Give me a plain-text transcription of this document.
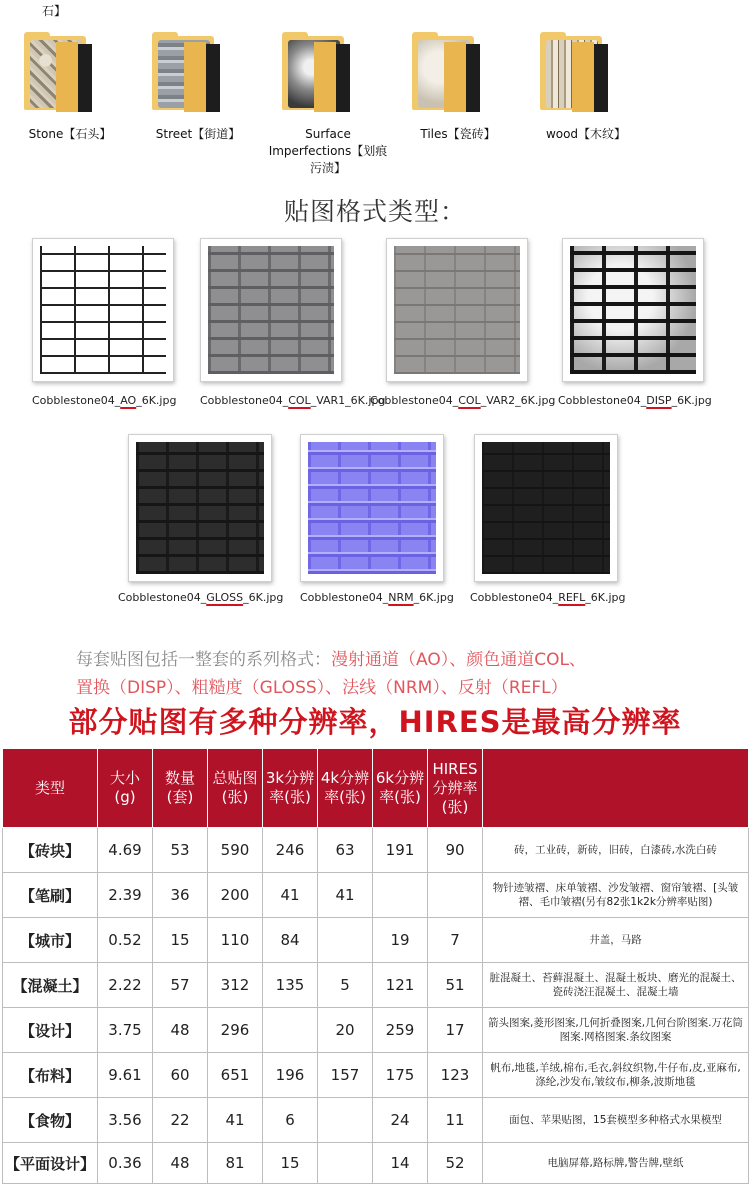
石】
Stone【石头】	Street【街道】	Surface Imperfections【划痕污渍】
Tiles【瓷砖】	wood【木纹】
贴图格式类型：
Cobblestone04_AO_6K.jpg Cobblestone04_COL_VAR1_6K.jpg
Cobblestone04_COL_VAR2_6K.jpg Cobblestone04_DISP_6K.jpg
Cobblestone04_GLOSS_6K.jpg Cobblestone04_NRM_6K.jpg Cobblestone04_REFL_6K.jpg
每套贴图包括一整套的系列格式：漫射通道（AO）、颜色通道COL、
置换（DISP）、粗糙度（GLOSS）、法线（NRM）、反射（REFL）
部分贴图有多种分辨率，HIRES是最高分辨率
类型	大小(g)	数量(套)	总贴图(张)	3k分辨率(张)	4k分辨率(张)	6k分辨率(张)	HIRES分辨率(张)	
【砖块】	4.69	53	590	246	63	191	90	砖，工业砖，新砖，旧砖，白漆砖,水洗白砖
【笔刷】	2.39	36	200	41	41			物针迹皱褶、床单皱褶、沙发皱褶、窗帘皱褶、[头皱褶、毛巾皱褶(另有82张1k2k分辨率贴图)
【城市】	0.52	15	110	84		19	7	井盖，马路
【混凝土】	2.22	57	312	135	5	121	51	脏混凝土、苔藓混凝土、混凝土板块、磨光的混凝土、瓷砖浇汪混凝土、混凝土墙
【设计】	3.75	48	296		20	259	17	箭头图案,菱形图案,几何折叠图案,几何台阶图案.万花筒图案.网格图案.条纹图案
【布料】	9.61	60	651	196	157	175	123	帆布,地毯,羊绒,棉布,毛衣,斜纹织物,牛仔布,皮,亚麻布,涤纶,沙发布,皱纹布,柳条,波斯地毯
【食物】	3.56	22	41	6		24	11	面包、苹果贴图，15套模型多种格式水果模型
【平面设计】	0.36	48	81	15		14	52	电脑屏幕,路标牌,警告牌,壁纸
